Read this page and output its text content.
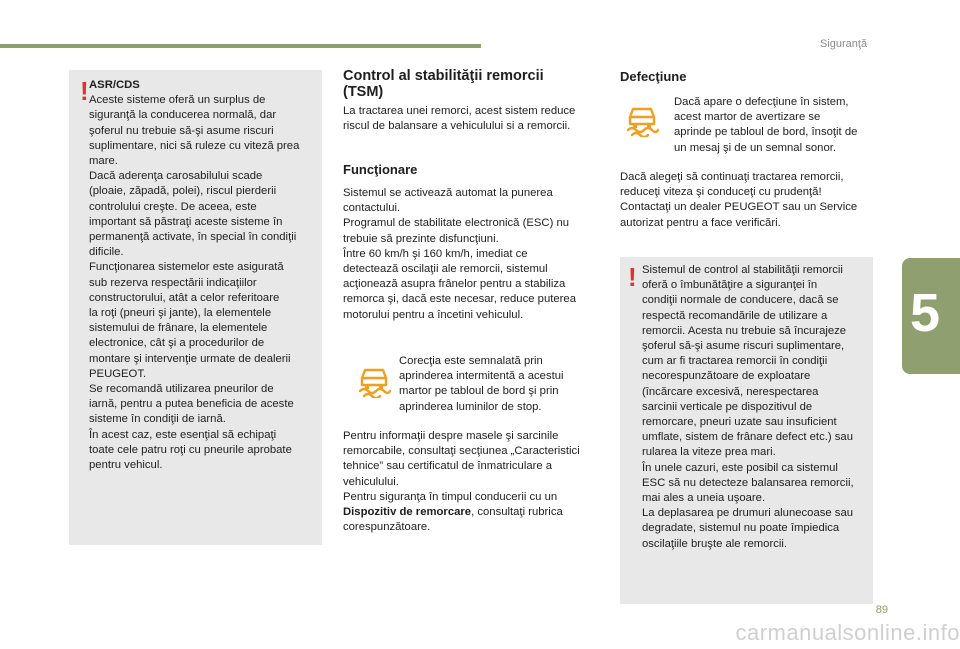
Siguranţă
5
! ASR/CDS
Aceste sisteme oferă un surplus de
siguranţă la conducerea normală, dar
şoferul nu trebuie să-şi asume riscuri
suplimentare, nici să ruleze cu viteză prea
mare.
Dacă aderenţa carosabilului scade
(ploaie, zăpadă, polei), riscul pierderii
controlului creşte. De aceea, este
important să păstraţi aceste sisteme în
permanenţă activate, în special în condiţii
dificile.
Funcţionarea sistemelor este asigurată
sub rezerva respectării indicaţiilor
constructorului, atât a celor referitoare
la roţi (pneuri şi jante), la elementele
sistemului de frânare, la elementele
electronice, cât şi a procedurilor de
montare şi intervenţie urmate de dealerii
PEUGEOT.
Se recomandă utilizarea pneurilor de
iarnă, pentru a putea beneficia de aceste
sisteme în condiţii de iarnă.
În acest caz, este esenţial să echipaţi
toate cele patru roţi cu pneurile aprobate
pentru vehicul.
Control al stabilităţii remorcii
(TSM)
La tractarea unei remorci, acest sistem reduce
riscul de balansare a vehiculului si a remorcii.
Funcţionare
Sistemul se activează automat la punerea
contactului.
Programul de stabilitate electronică (ESC) nu
trebuie să prezinte disfuncţiuni.
Între 60 km/h şi 160 km/h, imediat ce
detectează oscilaţii ale remorcii, sistemul
acţionează asupra frânelor pentru a stabiliza
remorca şi, dacă este necesar, reduce puterea
motorului pentru a încetini vehiculul.
Corecţia este semnalată prin
aprinderea intermitentă a acestui
martor pe tabloul de bord şi prin
aprinderea luminilor de stop.
Pentru informaţii despre masele şi sarcinile
remorcabile, consultaţi secţiunea „Caracteristici
tehnice” sau certificatul de înmatriculare a
vehiculului.
Pentru siguranţa în timpul conducerii cu un
Dispozitiv de remorcare, consultaţi rubrica
corespunzătoare.
Defecţiune
Dacă apare o defecţiune în sistem,
acest martor de avertizare se
aprinde pe tabloul de bord, însoţit de
un mesaj şi de un semnal sonor.
Dacă alegeţi să continuaţi tractarea remorcii,
reduceţi viteza şi conduceţi cu prudenţă!
Contactaţi un dealer PEUGEOT sau un Service
autorizat pentru a face verificări.
! Sistemul de control al stabilităţii remorcii
oferă o îmbunătăţire a siguranţei în
condiţii normale de conducere, dacă se
respectă recomandările de utilizare a
remorcii. Acesta nu trebuie să încurajeze
şoferul să-şi asume riscuri suplimentare,
cum ar fi tractarea remorcii în condiţii
necorespunzătoare de exploatare
(încărcare excesivă, nerespectarea
sarcinii verticale pe dispozitivul de
remorcare, pneuri uzate sau insuficient
umflate, sistem de frânare defect etc.) sau
rularea la viteze prea mari.
În unele cazuri, este posibil ca sistemul
ESC să nu detecteze balansarea remorcii,
mai ales a uneia uşoare.
La deplasarea pe drumuri alunecoase sau
degradate, sistemul nu poate împiedica
oscilaţiile bruşte ale remorcii.
89
carmanualsonline.info
